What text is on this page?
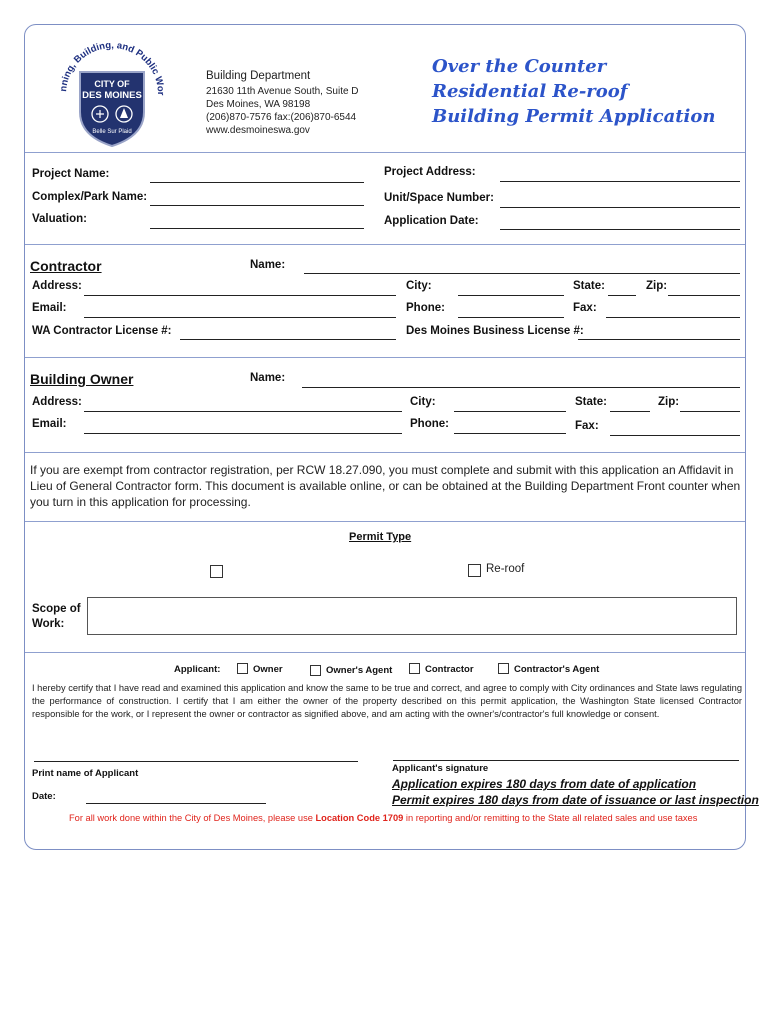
nning, Building, and Public Wor
CITY OF
DES MOINES
Belle Sur Plaid
Building Department
21630 11th Avenue South, Suite D
Des Moines, WA 98198
(206)870-7576 fax:(206)870-6544
www.desmoineswa.gov
Over the Counter
Residential Re-roof
Building Permit Application
Project Name:	Project Address:
Complex/Park Name:	Unit/Space Number:
Valuation:	Application Date:
Contractor	Name:
Address:	City:	State:	Zip:
Email:	Phone:	Fax:
WA Contractor License #:	Des Moines Business License #:
Building Owner	Name:
Address:	City:	State:	Zip:
Email:	Phone:	Fax:
If you are exempt from contractor registration, per RCW 18.27.090, you must complete and submit with this application an Affidavit in Lieu of General Contractor form. This document is available online, or can be obtained at the Building Department Front counter when you turn in this application for processing.
Permit Type
Re-roof
Scope of
Work:
Applicant:	Owner	Owner's Agent	Contractor	Contractor's Agent
I hereby certify that I have read and examined this application and know the same to be true and correct, and agree to comply with City ordinances and State laws regulating the performance of construction. I certify that I am either the owner of the property described on this permit application, the Washington State licensed Contractor responsible for the work, or I represent the owner or contractor as signified above, and am acting with the owner's/contractor's full knowledge or consent.
Print name of Applicant	Applicant's signature
Date:
Application expires 180 days from date of application
Permit expires 180 days from date of issuance or last inspection
For all work done within the City of Des Moines, please use Location Code 1709 in reporting and/or remitting to the State all related sales and use taxes
